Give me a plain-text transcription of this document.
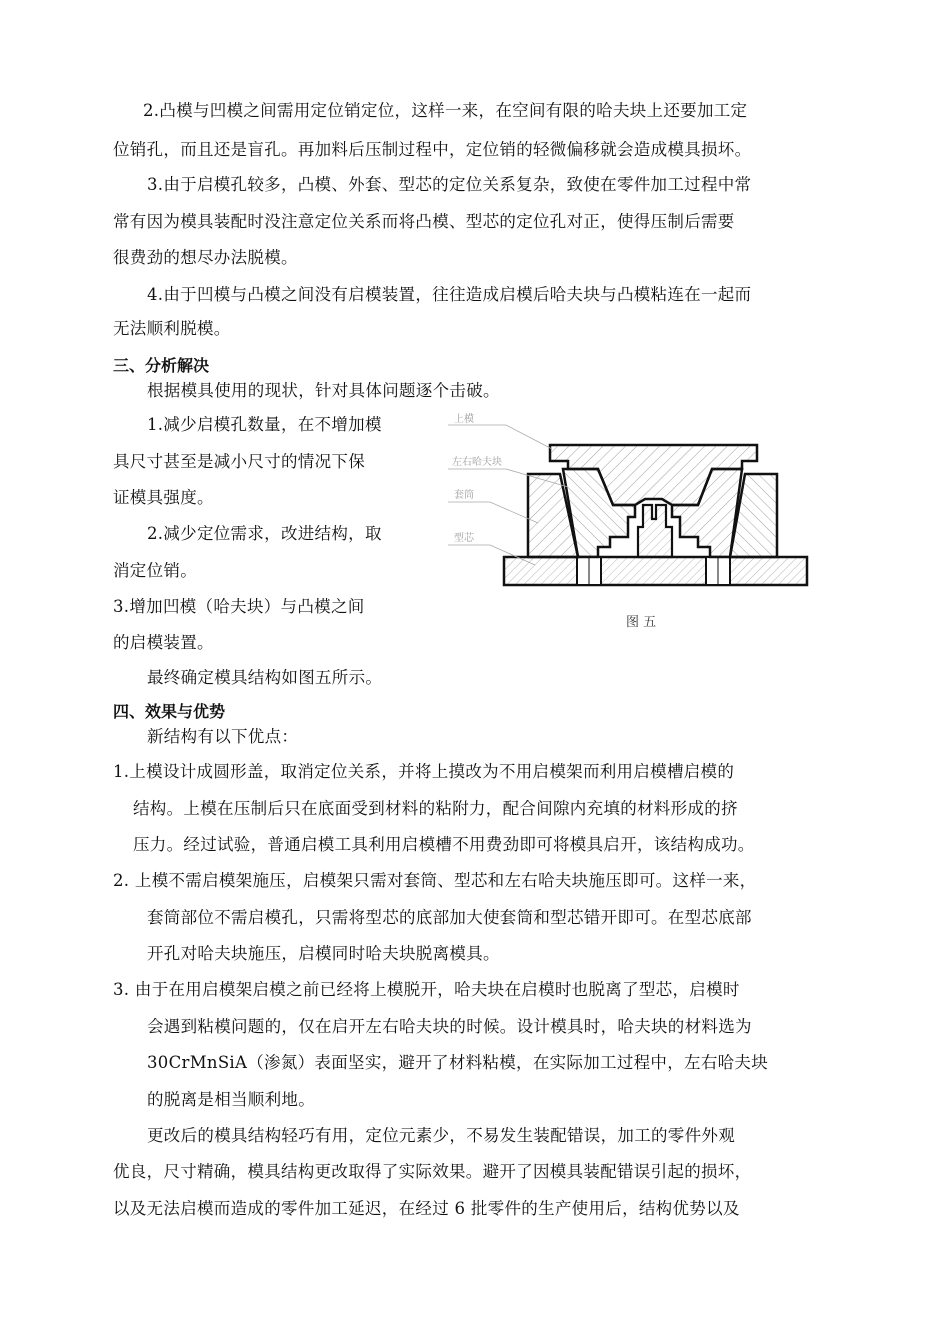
2.凸模与凹模之间需用定位销定位，这样一来，在空间有限的哈夫块上还要加工定
位销孔，而且还是盲孔。再加料后压制过程中，定位销的轻微偏移就会造成模具损坏。
3.由于启模孔较多，凸模、外套、型芯的定位关系复杂，致使在零件加工过程中常
常有因为模具装配时没注意定位关系而将凸模、型芯的定位孔对正，使得压制后需要
很费劲的想尽办法脱模。
4.由于凹模与凸模之间没有启模装置，往往造成启模后哈夫块与凸模粘连在一起而
无法顺利脱模。
三、分析解决
根据模具使用的现状，针对具体问题逐个击破。
1.减少启模孔数量，在不增加模
具尺寸甚至是减小尺寸的情况下保
证模具强度。
2.减少定位需求，改进结构，取
消定位销。
3.增加凹模（哈夫块）与凸模之间
的启模装置。
最终确定模具结构如图五所示。
上模
左右哈夫块
套筒
型芯
图 五
四、效果与优势
新结构有以下优点：
1.上模设计成圆形盖，取消定位关系，并将上摸改为不用启模架而利用启模槽启模的
结构。上模在压制后只在底面受到材料的粘附力，配合间隙内充填的材料形成的挤
压力。经过试验，普通启模工具利用启模槽不用费劲即可将模具启开，该结构成功。
2. 上模不需启模架施压，启模架只需对套筒、型芯和左右哈夫块施压即可。这样一来，
套筒部位不需启模孔，只需将型芯的底部加大使套筒和型芯错开即可。在型芯底部
开孔对哈夫块施压，启模同时哈夫块脱离模具。
3. 由于在用启模架启模之前已经将上模脱开，哈夫块在启模时也脱离了型芯，启模时
会遇到粘模问题的，仅在启开左右哈夫块的时候。设计模具时，哈夫块的材料选为
30CrMnSiA（渗氮）表面坚实，避开了材料粘模，在实际加工过程中，左右哈夫块
的脱离是相当顺利地。
更改后的模具结构轻巧有用，定位元素少，不易发生装配错误，加工的零件外观
优良，尺寸精确，模具结构更改取得了实际效果。避开了因模具装配错误引起的损坏，
以及无法启模而造成的零件加工延迟，在经过 6 批零件的生产使用后，结构优势以及
